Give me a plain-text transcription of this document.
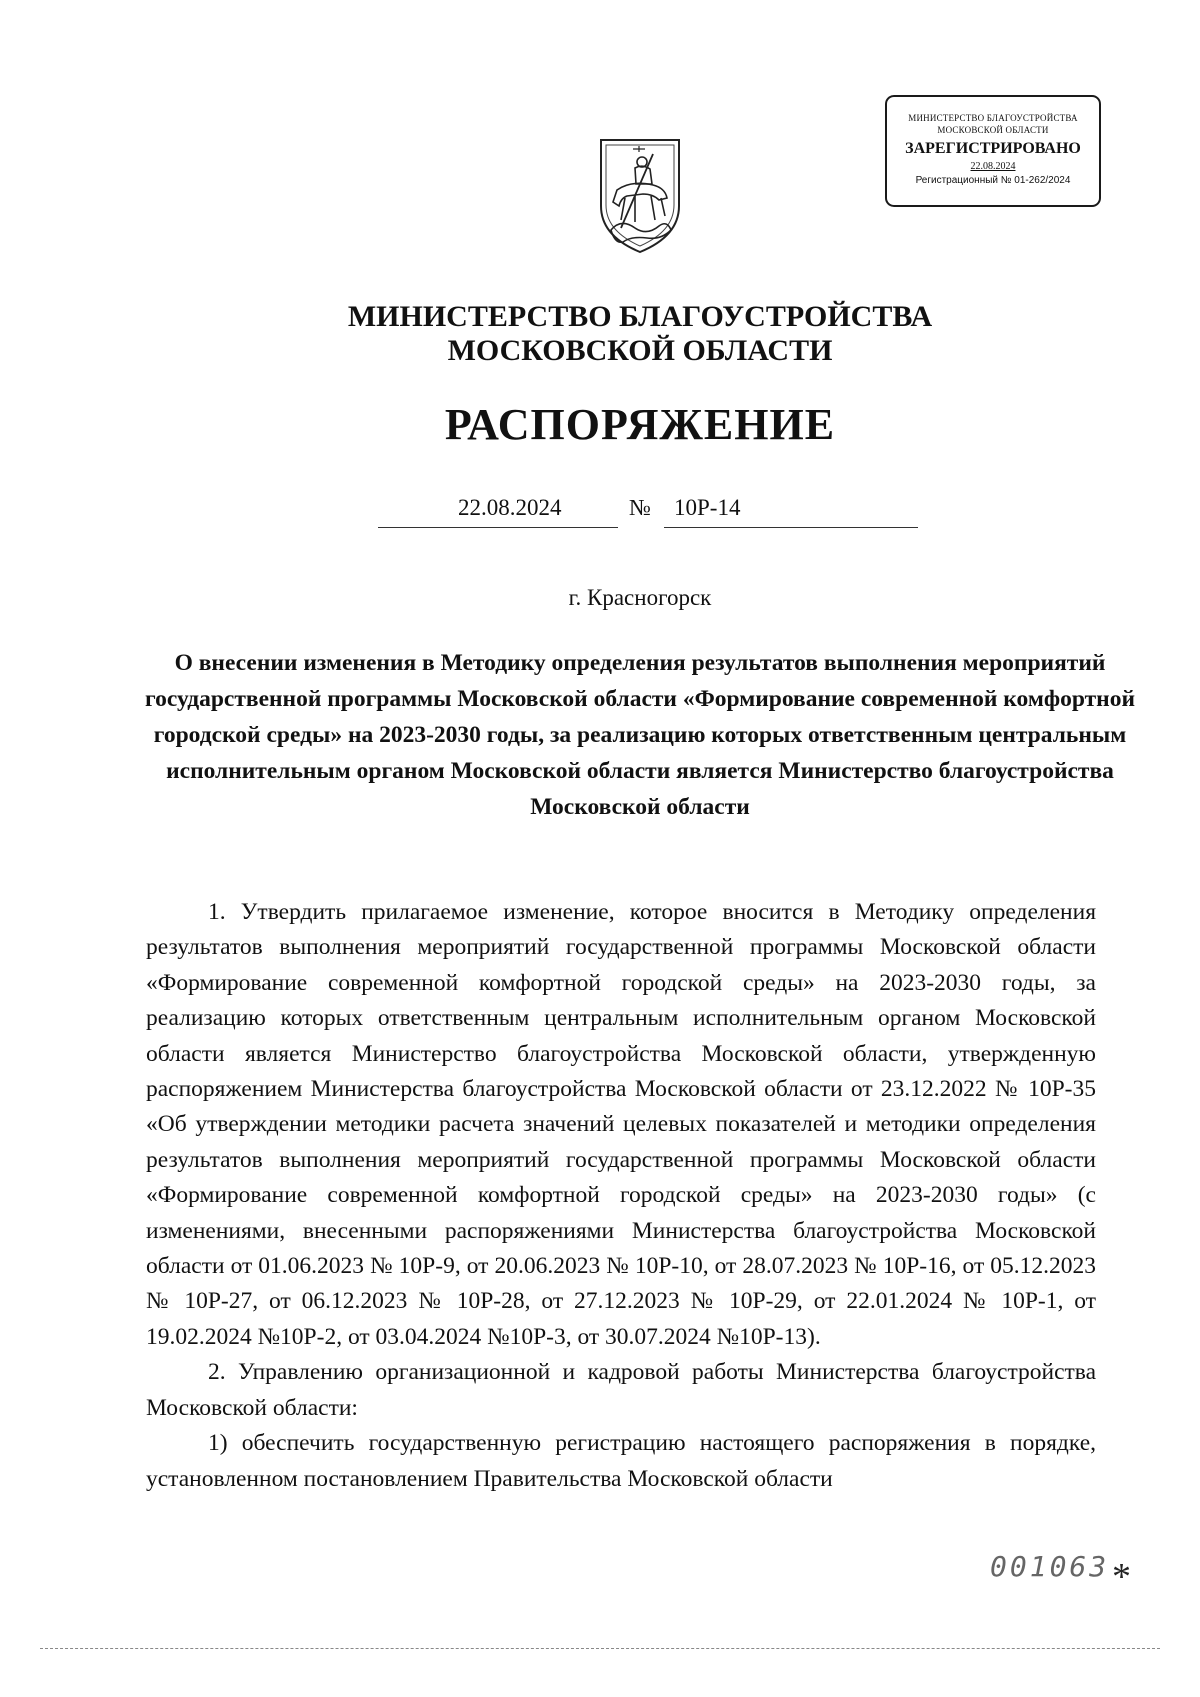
МИНИСТЕРСТВО БЛАГОУСТРОЙСТВА
МОСКОВСКОЙ ОБЛАСТИ
ЗАРЕГИСТРИРОВАНО
22.08.2024
Регистрационный № 01-262/2024
МИНИСТЕРСТВО БЛАГОУСТРОЙСТВА
МОСКОВСКОЙ ОБЛАСТИ
РАСПОРЯЖЕНИЕ
22.08.2024	№ 10Р-14
г. Красногорск
О внесении изменения в Методику определения результатов выполнения мероприятий государственной программы Московской области «Формирование современной комфортной городской среды» на 2023-2030 годы, за реализацию которых ответственным центральным исполнительным органом Московской области является Министерство благоустройства Московской области

1. Утвердить прилагаемое изменение, которое вносится в Методику определения результатов выполнения мероприятий государственной программы Московской области «Формирование современной комфортной городской среды» на 2023-2030 годы, за реализацию которых ответственным центральным исполнительным органом Московской области является Министерство благоустройства Московской области, утвержденную распоряжением Министерства благоустройства Московской области от 23.12.2022 № 10Р-35 «Об утверждении методики расчета значений целевых показателей и методики определения результатов выполнения мероприятий государственной программы Московской области «Формирование современной комфортной городской среды» на 2023-2030 годы» (с изменениями, внесенными распоряжениями Министерства благоустройства Московской области от 01.06.2023 № 10Р-9, от 20.06.2023 № 10Р-10, от 28.07.2023 № 10Р-16, от 05.12.2023 № 10Р-27, от 06.12.2023 № 10Р-28, от 27.12.2023 № 10Р-29, от 22.01.2024 № 10Р-1, от 19.02.2024 №10Р-2, от 03.04.2024 №10Р-3, от 30.07.2024 №10Р-13).

2. Управлению организационной и кадровой работы Министерства благоустройства Московской области:

1) обеспечить государственную регистрацию настоящего распоряжения в порядке, установленном постановлением Правительства Московской области

001063 *
